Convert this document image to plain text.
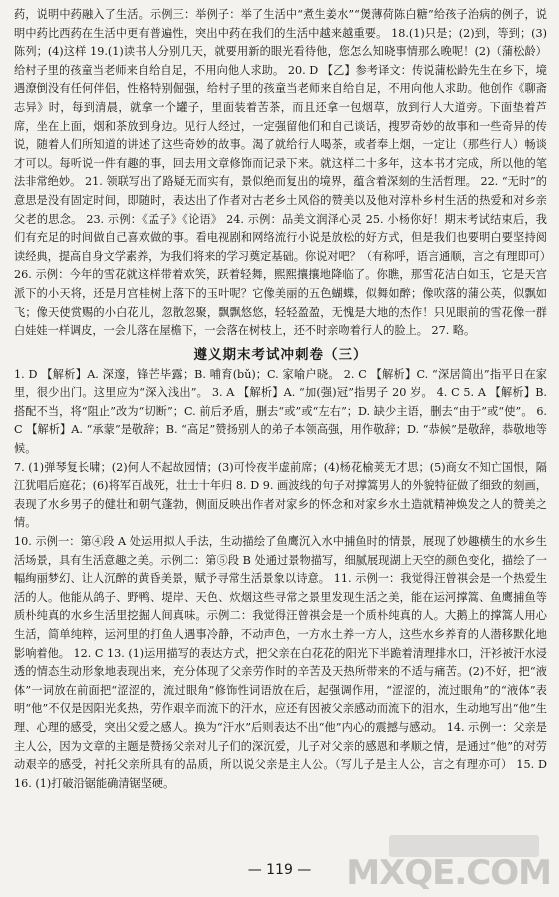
药，说明中药融入了生活。示例三：举例子：举了生活中“煮生姜水”“煲薄荷陈白糖”给孩子治病的例子，说明中药比西药在生活中更有普遍性，突出中药在我们的生活中越来越重要。 18.(1)只是；(2)到，等到；(3)陈列；(4)这样 19.(1)读书人分别几天，就要用新的眼光看待他，您怎么知晓事情那么晚呢！(2)（蒲松龄）给村子里的孩童当老师来自给自足，不用向他人求助。 20. D 【乙】参考译文：传说蒲松龄先生在乡下，境遇潦倒没有任何伴侣，性格特别倔强，给村子里的孩童当老师来自给自足，不用向他人求助。他创作《聊斋志异》时，每到清晨，就拿一个罐子，里面装着苦茶，而且还拿一包烟草，放到行人大道旁。下面垫着芦席，坐在上面，烟和茶放到身边。见行人经过，一定强留他们和自己谈话，搜罗奇妙的故事和一些奇异的传说，随着人们所知道的讲述了这些奇妙的故事。渴了就给行人喝茶，或者奉上烟，一定让（那些行人）畅谈才可以。每听说一件有趣的事，回去用文章修饰而记录下来。就这样二十多年，这本书才完成，所以他的笔法非常绝妙。 21. 领联写出了路疑无而实有，景似绝而复出的境界，蕴含着深刻的生活哲理。 22. “无时”的意思是没有固定时间，即随时，表达出了作者对古老乡土风俗的赞美以及他对淳朴乡村生活的热爱和对乡亲父老的思念。 23. 示例：《孟子》《论语》 24. 示例：品美文润泽心灵 25. 小杨你好！期末考试结束后，我们有充足的时间做自己喜欢做的事。看电视剧和网络流行小说是放松的好方式，但是我们也要明白要坚持阅读经典，提高自身文学素养，为我们将来的学习奠定基础。你说对吧？（有称呼，语言通顺，言之有理即可）

26. 示例：今年的雪花就这样带着欢笑，跃着轻舞，熙熙攘攘地降临了。你瞧，那雪花洁白如玉，它是天宫派下的小天将，还是月宫桂树上落下的玉叶呢？它像美丽的五色蝴蝶，似舞如醉；像吹落的蒲公英，似飘如飞；像天使赏赐的小白花儿，忽散忽聚，飘飘悠悠，轻轻盈盈，无愧是大地的杰作！只见眼前的雪花像一群白娃娃一样调皮，一会儿落在屋檐下，一会落在树枝上，还不时亲吻着行人的脸上。 27. 略。

遵义期末考试冲刺卷（三）

1. D 【解析】A. 深邃，锋芒毕露；B. 哺育(bǔ)；C. 家喻户晓。 2. C 【解析】C. “深居简出”指平日在家里，很少出门。这里应为“深入浅出”。 3. A 【解析】A. “加(强)冠”指男子 20 岁。 4. C 5. A 【解析】B. 搭配不当，将“阻止”改为“切断”；C. 前后矛盾，删去“或”或“左右”；D. 缺少主语，删去“由于”或“使”。 6. C 【解析】A. “承蒙”是敬辞；B. “高足”赞扬别人的弟子本领高强，用作敬辞；D. “恭候”是敬辞，恭敬地等候。

7. (1)弹琴复长啸；(2)何人不起故园情；(3)可怜夜半虚前席；(4)杨花榆荚无才思；(5)商女不知亡国恨，隔江犹唱后庭花；(6)将军百战死，壮士十年归 8. D 9. 画波线的句子对撑篙男人的外貌特征做了细致的刻画，表现了水乡男子的健壮和朝气蓬勃，侧面反映出作者对家乡的怀念和对家乡水土造就精神焕发之人的赞美之情。

10. 示例一：第④段 A 处运用拟人手法，生动描绘了鱼鹰沉入水中捕鱼时的情景，展现了妙趣横生的水乡生活场景，具有生活意趣之美。示例二：第⑤段 B 处通过景物描写，细腻展现湖上天空的颜色变化，描绘了一幅绚丽梦幻、让人沉醉的黄昏美景，赋予寻常生活景象以诗意。 11. 示例一：我觉得汪曾祺会是一个热爱生活的人。他能从鸽子、野鸭、堤岸、天色、炊烟这些寻常之景里发现生活之美，能在运河撑篙、鱼鹰捕鱼等质朴纯真的水乡生活里挖掘人间真味。示例二：我觉得汪曾祺会是一个质朴纯真的人。大鹅上的撑篙人用心生活，简单纯粹，运河里的打鱼人遇事冷静，不动声色，一方水土养一方人，这些水乡养育的人潜移默化地影响着他。 12. C 13. (1)运用描写的表达方式，把父亲在白花花的阳光下半跪着清理排水口，汗衫被汗水浸透的情态生动形象地表现出来，充分体现了父亲劳作时的辛苦及天热所带来的不适与痛苦。(2)不好，把“液体”一词放在前面把“涩涩的，流过眼角”修饰性词语放在后，起强调作用，“涩涩的，流过眼角”的“液体”表明“他”不仅是因阳光炙热，劳作艰辛而流下的汗水，应还有因被父亲感动而流下的泪水，生动地写出“他”生理、心理的感受，突出父爱之感人。换为“汗水”后则表达不出“他”内心的震撼与感动。 14. 示例一：父亲是主人公，因为文章的主题是赞扬父亲对儿子们的深沉爱，儿子对父亲的感恩和孝顺之情，是通过“他”的对劳动艰辛的感受，衬托父亲所具有的品质，所以说父亲是主人公。（写儿子是主人公，言之有理亦可） 15. D 16. (1)打破沿锯能确清锯坚硬。

— 119 —	MXQE.COM
